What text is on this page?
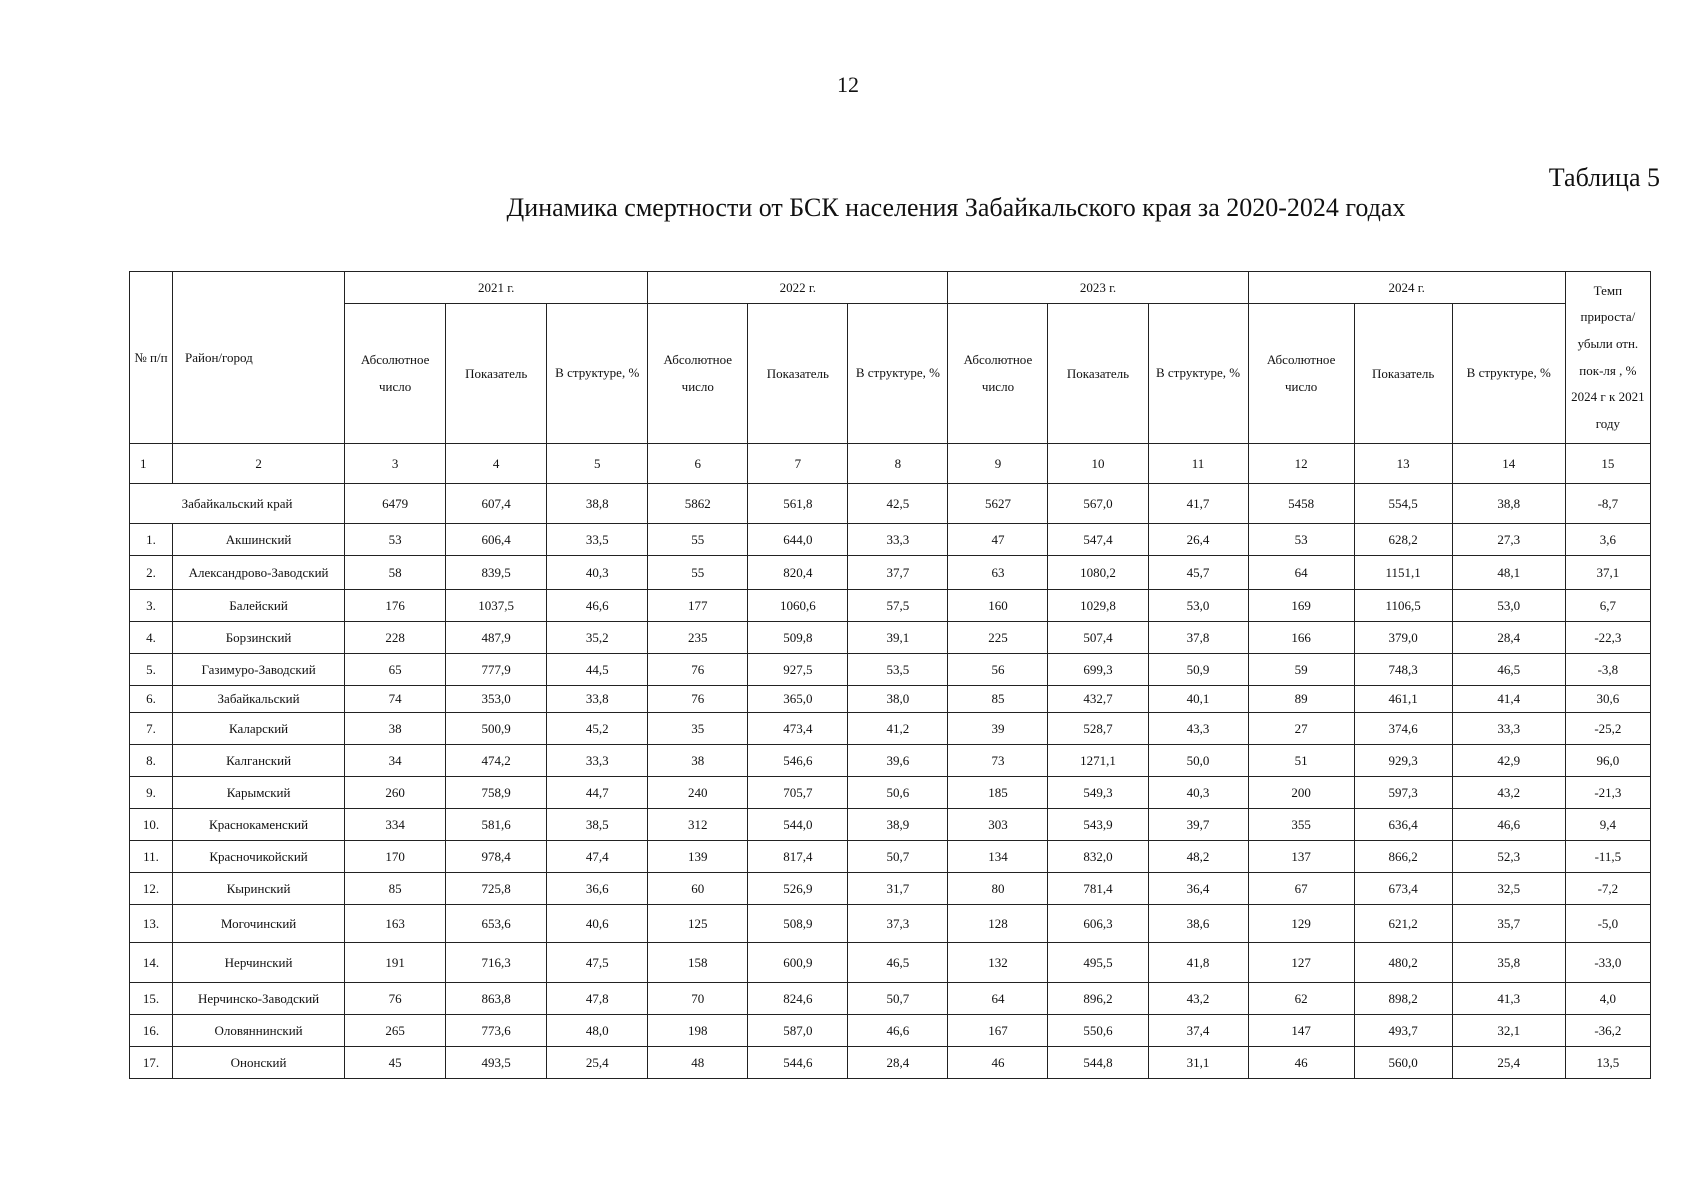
12
Таблица 5
Динамика смертности от БСК населения Забайкальского края за 2020-2024 годах
№ п/п	Район/город	2021 г.			2022 г.			2023 г.			2024 г.			Темп прироста/ убыли отн. пок-ля , % 2024 г к 2021 году
		Абсолютное число	Показатель	В структуре, %	Абсолютное число	Показатель	В структуре, %	Абсолютное число	Показатель	В структуре, %	Абсолютное число	Показатель	В структуре, %	
1	2	3	4	5	6	7	8	9	10	11	12	13	14	15
Забайкальский край		6479	607,4	38,8	5862	561,8	42,5	5627	567,0	41,7	5458	554,5	38,8	-8,7
1.	Акшинский	53	606,4	33,5	55	644,0	33,3	47	547,4	26,4	53	628,2	27,3	3,6
2.	Александрово-Заводский	58	839,5	40,3	55	820,4	37,7	63	1080,2	45,7	64	1151,1	48,1	37,1
3.	Балейский	176	1037,5	46,6	177	1060,6	57,5	160	1029,8	53,0	169	1106,5	53,0	6,7
4.	Борзинский	228	487,9	35,2	235	509,8	39,1	225	507,4	37,8	166	379,0	28,4	-22,3
5.	Газимуро-Заводский	65	777,9	44,5	76	927,5	53,5	56	699,3	50,9	59	748,3	46,5	-3,8
6.	Забайкальский	74	353,0	33,8	76	365,0	38,0	85	432,7	40,1	89	461,1	41,4	30,6
7.	Каларский	38	500,9	45,2	35	473,4	41,2	39	528,7	43,3	27	374,6	33,3	-25,2
8.	Калганский	34	474,2	33,3	38	546,6	39,6	73	1271,1	50,0	51	929,3	42,9	96,0
9.	Карымский	260	758,9	44,7	240	705,7	50,6	185	549,3	40,3	200	597,3	43,2	-21,3
10.	Краснокаменский	334	581,6	38,5	312	544,0	38,9	303	543,9	39,7	355	636,4	46,6	9,4
11.	Красночикойский	170	978,4	47,4	139	817,4	50,7	134	832,0	48,2	137	866,2	52,3	-11,5
12.	Кыринский	85	725,8	36,6	60	526,9	31,7	80	781,4	36,4	67	673,4	32,5	-7,2
13.	Могочинский	163	653,6	40,6	125	508,9	37,3	128	606,3	38,6	129	621,2	35,7	-5,0
14.	Нерчинский	191	716,3	47,5	158	600,9	46,5	132	495,5	41,8	127	480,2	35,8	-33,0
15.	Нерчинско-Заводский	76	863,8	47,8	70	824,6	50,7	64	896,2	43,2	62	898,2	41,3	4,0
16.	Оловяннинский	265	773,6	48,0	198	587,0	46,6	167	550,6	37,4	147	493,7	32,1	-36,2
17.	Ононский	45	493,5	25,4	48	544,6	28,4	46	544,8	31,1	46	560,0	25,4	13,5
